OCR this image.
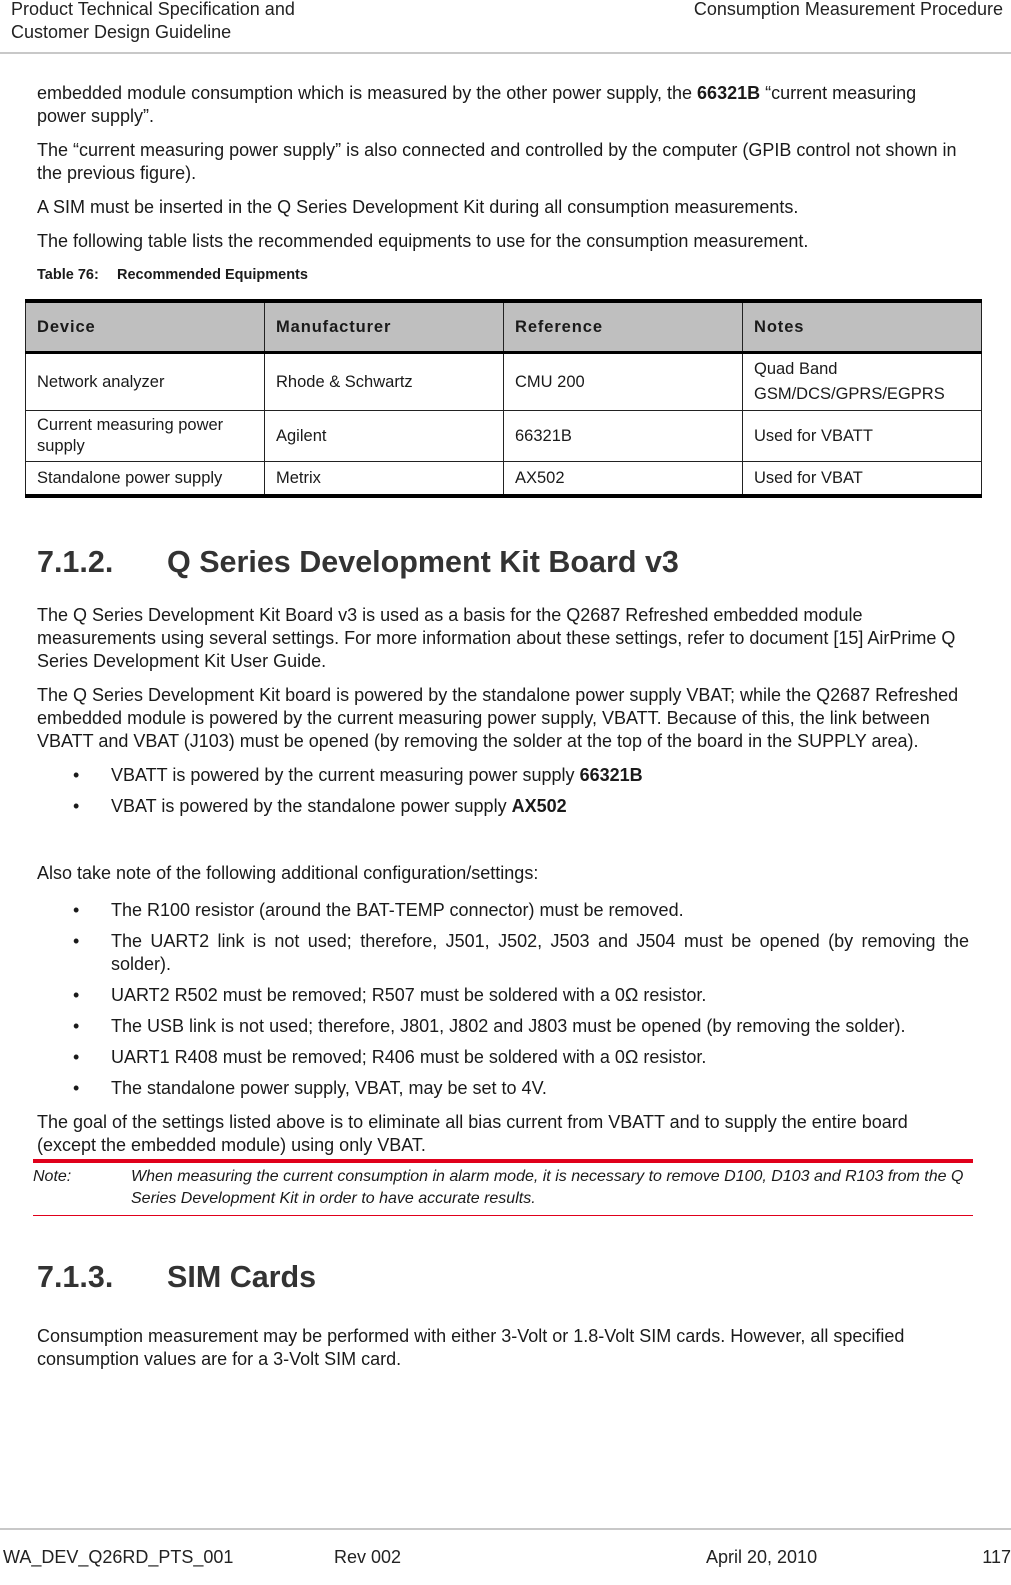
Product Technical Specification and
Customer Design Guideline
Consumption Measurement Procedure

embedded module consumption which is measured by the other power supply, the 66321B “current measuring power supply”.

The “current measuring power supply” is also connected and controlled by the computer (GPIB control not shown in the previous figure).

A SIM must be inserted in the Q Series Development Kit during all consumption measurements.

The following table lists the recommended equipments to use for the consumption measurement.

Table 76: Recommended Equipments
Device	Manufacturer	Reference	Notes
Network analyzer	Rhode & Schwartz	CMU 200	Quad Band GSM/DCS/GPRS/EGPRS
Current measuring power supply	Agilent	66321B	Used for VBATT
Standalone power supply	Metrix	AX502	Used for VBAT
7.1.2. Q Series Development Kit Board v3

The Q Series Development Kit Board v3 is used as a basis for the Q2687 Refreshed embedded module measurements using several settings. For more information about these settings, refer to document [15] AirPrime Q Series Development Kit User Guide.

The Q Series Development Kit board is powered by the standalone power supply VBAT; while the Q2687 Refreshed embedded module is powered by the current measuring power supply, VBATT. Because of this, the link between VBATT and VBAT (J103) must be opened (by removing the solder at the top of the board in the SUPPLY area).

• VBATT is powered by the current measuring power supply 66321B
• VBAT is powered by the standalone power supply AX502

Also take note of the following additional configuration/settings:

• The R100 resistor (around the BAT-TEMP connector) must be removed.
• The UART2 link is not used; therefore, J501, J502, J503 and J504 must be opened (by removing the solder).
• UART2 R502 must be removed; R507 must be soldered with a 0Ω resistor.
• The USB link is not used; therefore, J801, J802 and J803 must be opened (by removing the solder).
• UART1 R408 must be removed; R406 must be soldered with a 0Ω resistor.
• The standalone power supply, VBAT, may be set to 4V.

The goal of the settings listed above is to eliminate all bias current from VBATT and to supply the entire board (except the embedded module) using only VBAT.

Note:	When measuring the current consumption in alarm mode, it is necessary to remove D100, D103 and R103 from the Q Series Development Kit in order to have accurate results.
7.1.3. SIM Cards

Consumption measurement may be performed with either 3-Volt or 1.8-Volt SIM cards. However, all specified consumption values are for a 3-Volt SIM card.

WA_DEV_Q26RD_PTS_001	Rev 002	April 20, 2010	117
